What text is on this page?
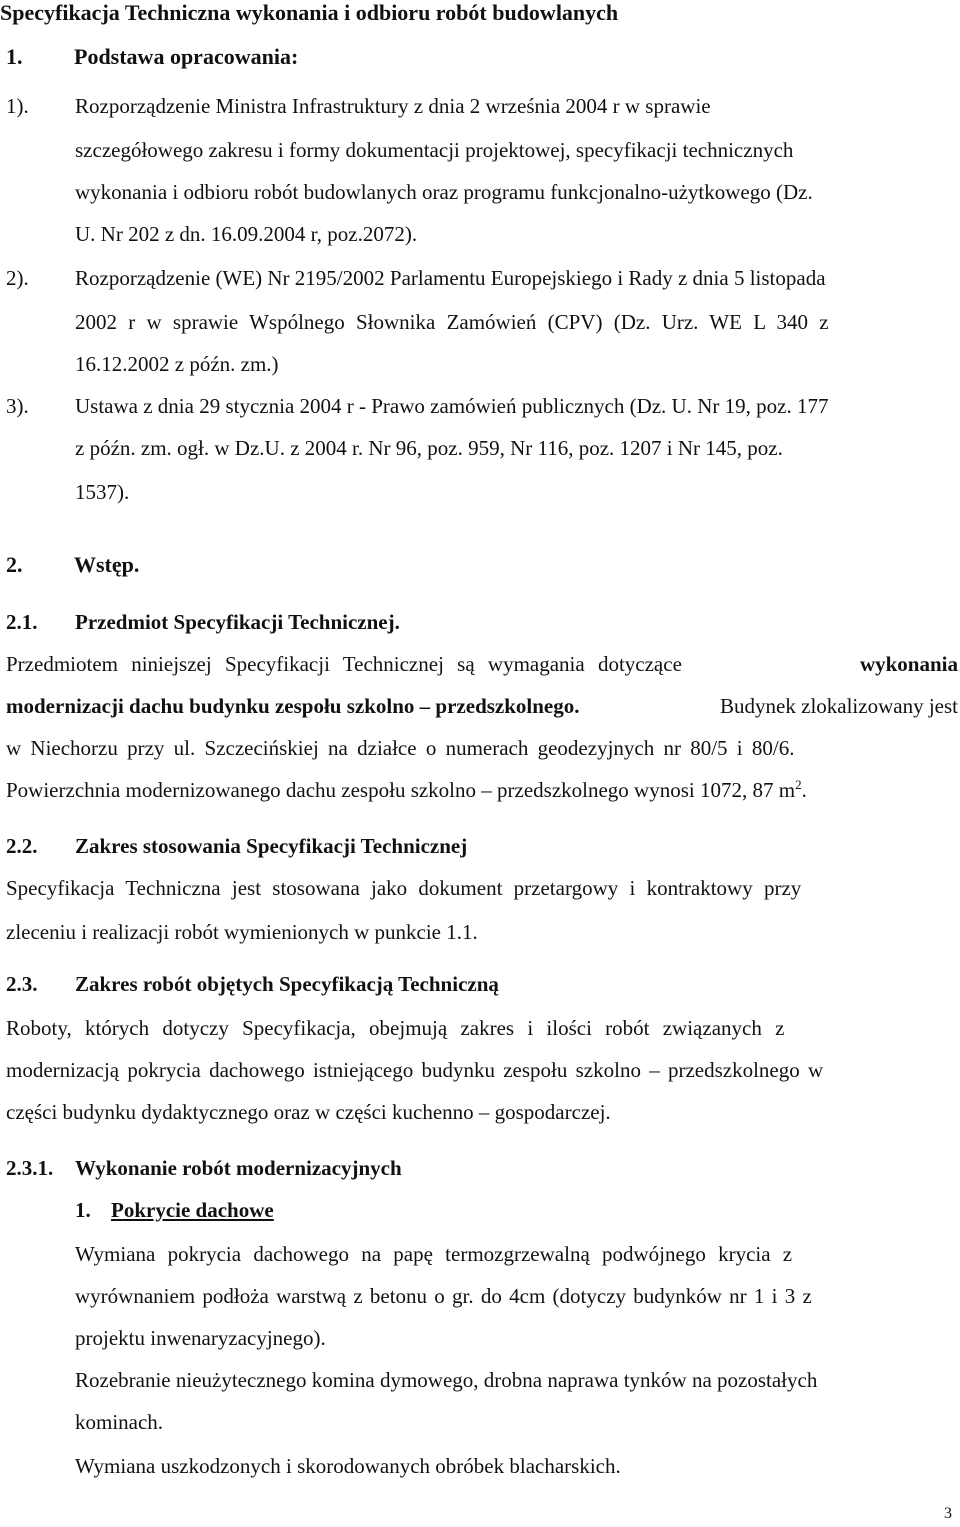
Specyfikacja Techniczna wykonania i odbioru robót budowlanych
1. Podstawa opracowania:
1). Rozporządzenie Ministra Infrastruktury z dnia 2 września 2004 r w sprawie
szczegółowego zakresu i formy dokumentacji projektowej, specyfikacji technicznych
wykonania i odbioru robót budowlanych oraz programu funkcjonalno-użytkowego (Dz.
U. Nr 202 z dn. 16.09.2004 r, poz.2072).
2). Rozporządzenie (WE) Nr 2195/2002 Parlamentu Europejskiego i Rady z dnia 5 listopada
2002 r w sprawie Wspólnego Słownika Zamówień (CPV) (Dz. Urz. WE L 340 z
16.12.2002 z późn. zm.)
3). Ustawa z dnia 29 stycznia 2004 r - Prawo zamówień publicznych (Dz. U. Nr 19, poz. 177
z późn. zm. ogł. w Dz.U. z 2004 r. Nr 96, poz. 959, Nr 116, poz. 1207 i Nr 145, poz.
1537).
2. Wstęp.
2.1. Przedmiot Specyfikacji Technicznej.
Przedmiotem niniejszej Specyfikacji Technicznej są wymagania dotyczące	wykonania
modernizacji dachu budynku zespołu szkolno – przedszkolnego.	Budynek zlokalizowany jest
w Niechorzu przy ul. Szczecińskiej na działce o numerach geodezyjnych nr 80/5 i 80/6.
Powierzchnia modernizowanego dachu zespołu szkolno – przedszkolnego wynosi 1072, 87 $m^2$.
2.2. Zakres stosowania Specyfikacji Technicznej
Specyfikacja Techniczna jest stosowana jako dokument przetargowy i kontraktowy przy
zleceniu i realizacji robót wymienionych w punkcie 1.1.
2.3. Zakres robót objętych Specyfikacją Techniczną
Roboty, których dotyczy Specyfikacja, obejmują zakres i ilości robót związanych z
modernizacją pokrycia dachowego istniejącego budynku zespołu szkolno – przedszkolnego w
części budynku dydaktycznego oraz w części kuchenno – gospodarczej.
2.3.1. Wykonanie robót modernizacyjnych
1. Pokrycie dachowe
Wymiana pokrycia dachowego na papę termozgrzewalną podwójnego krycia z
wyrównaniem podłoża warstwą z betonu o gr. do 4cm (dotyczy budynków nr 1 i 3 z
projektu inwenaryzacyjnego).
Rozebranie nieużytecznego komina dymowego, drobna naprawa tynków na pozostałych
kominach.
Wymiana uszkodzonych i skorodowanych obróbek blacharskich.
3
